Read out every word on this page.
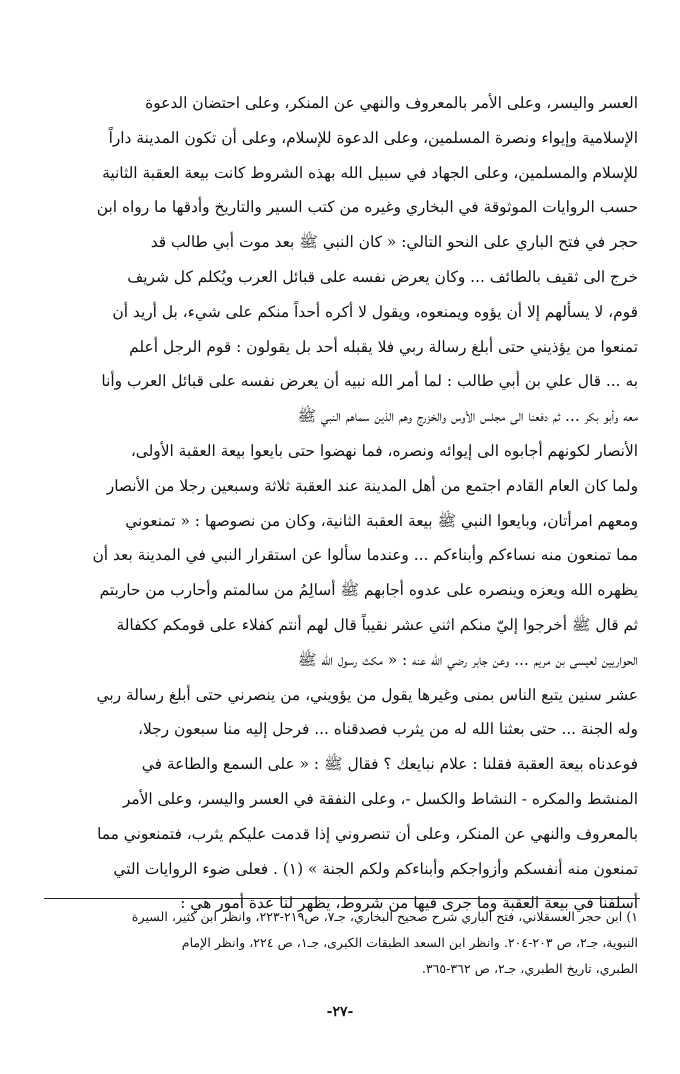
العسر واليسر، وعلى الأمر بالمعروف والنهي عن المنكر، وعلى احتضان الدعوة
الإسلامية وإيواء ونصرة المسلمين، وعلى الدعوة للإسلام، وعلى أن تكون المدينة داراً
للإسلام والمسلمين، وعلى الجهاد في سبيل الله بهذه الشروط كانت بيعة العقبة الثانية
حسب الروايات الموثوقة في البخاري وغيره من كتب السير والتاريخ وأدقها ما رواه ابن
حجر في فتح الباري على النحو التالي: « كان النبي ﷺ بعد موت أبي طالب قد
خرج الى ثقيف بالطائف ... وكان يعرض نفسه على قبائل العرب ويُكلم كل شريف
قوم، لا يسألهم إلا أن يؤوه ويمنعوه، ويقول لا أكره أحداً منكم على شيء، بل أريد أن
تمنعوا من يؤذيني حتى أبلغ رسالة ربي فلا يقبله أحد بل يقولون : قوم الرجل أعلم
به ... قال علي بن أبي طالب : لما أمر الله نبيه أن يعرض نفسه على قبائل العرب وأنا
معه وأبو بكر ... ثم دفعنا الى مجلس الأوس والخزرج وهم الذين سماهم النبي ﷺ
الأنصار لكونهم أجابوه الى إيوائه ونصره، فما نهضوا حتى بايعوا بيعة العقبة الأولى،
ولما كان العام القادم اجتمع من أهل المدينة عند العقبة ثلاثة وسبعين رجلا من الأنصار
ومعهم امرأتان، وبايعوا النبي ﷺ بيعة العقبة الثانية، وكان من نصوصها : « تمنعوني
مما تمنعون منه نساءكم وأبناءكم ... وعندما سألوا عن استقرار النبي في المدينة بعد أن
يظهره الله ويعزه وينصره على عدوه أجابهم ﷺ أسالِمُ من سالمتم وأحارب من حاربتم
ثم قال ﷺ أخرجوا إليّ منكم اثني عشر نقيباً قال لهم أنتم كفلاء على قومكم ككفالة
الحواريين لعيسى بن مريم ... وعن جابر رضي الله عنه : « مكث رسول الله ﷺ
عشر سنين يتبع الناس بمنى وغيرها يقول من يؤويني، من ينصرني حتى أبلغ رسالة ربي
وله الجنة ... حتى بعثنا الله له من يثرب فصدقناه ... فرحل إليه منا سبعون رجلا،
فوعدناه بيعة العقبة فقلنا : علام نبايعك ؟ فقال ﷺ : « على السمع والطاعة في
المنشط والمكره - النشاط والكسل -، وعلى النفقة في العسر واليسر، وعلى الأمر
بالمعروف والنهي عن المنكر، وعلى أن تنصروني إذا قدمت عليكم يثرب، فتمنعوني مما
تمنعون منه أنفسكم وأزواجكم وأبناءكم ولكم الجنة » (١) . فعلى ضوء الروايات التي
أسلفنا في بيعة العقبة وما جرى فيها من شروط، يظهر لنا عدة أمور هي :
١) ابن حجر العسقلاني، فتح الباري شرح صحيح البخاري، جـ٧، ص٢١٩-٢٢٣، وانظر ابن كثير، السيرة
النبوية، جـ٢، ص ٢٠٣-٢٠٤. وانظر ابن السعد الطبقات الكبرى، جـ١، ص ٢٢٤، وانظر الإمام
الطبري، تاريخ الطبري، جـ٢، ص ٣٦٢-٣٦٥.
-٢٧-
